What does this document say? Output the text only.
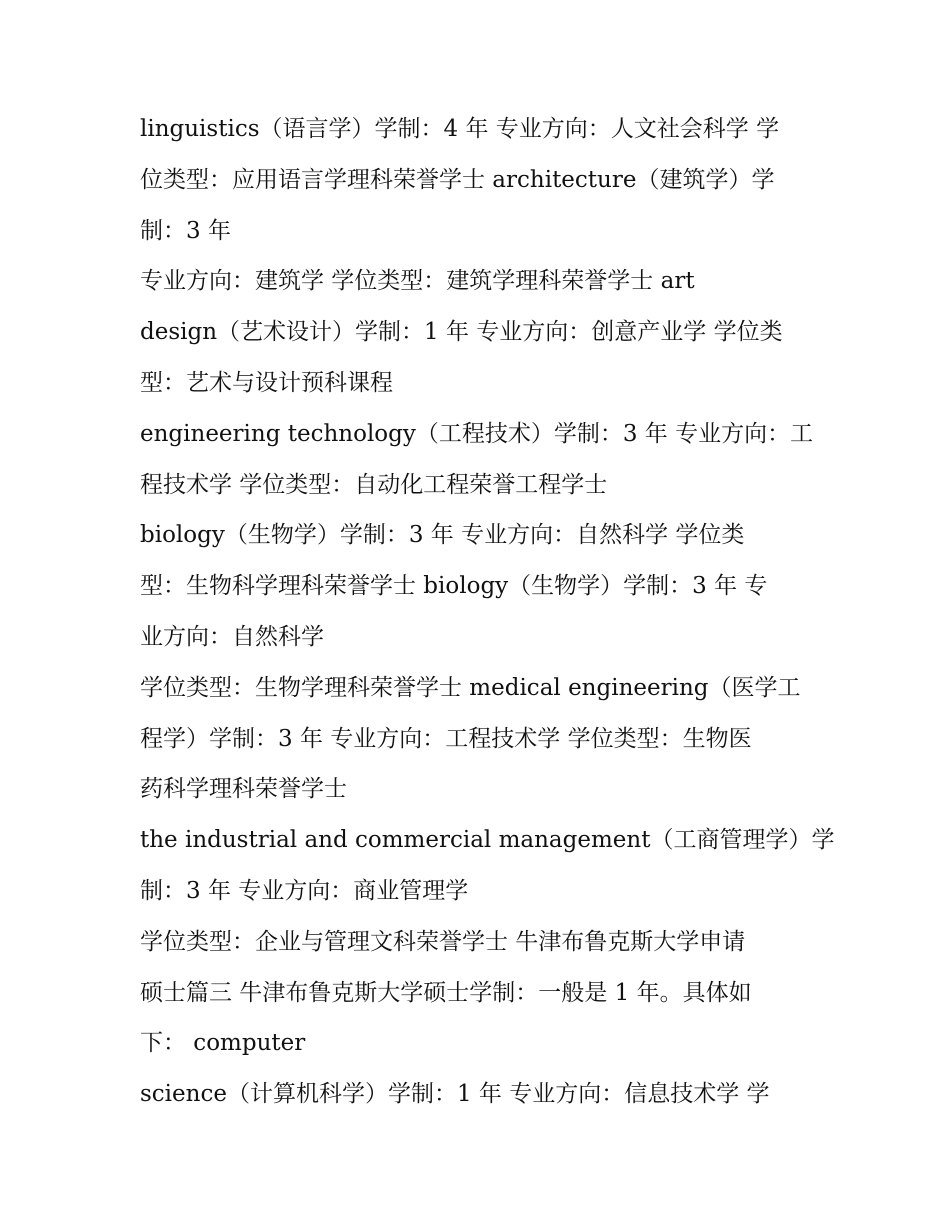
linguistics（语言学）学制：4 年 专业方向：人文社会科学 学
位类型：应用语言学理科荣誉学士 architecture（建筑学）学
制：3 年
专业方向：建筑学 学位类型：建筑学理科荣誉学士 art
design（艺术设计）学制：1 年 专业方向：创意产业学 学位类
型：艺术与设计预科课程
engineering technology（工程技术）学制：3 年 专业方向：工
程技术学 学位类型：自动化工程荣誉工程学士
biology（生物学）学制：3 年 专业方向：自然科学 学位类
型：生物科学理科荣誉学士 biology（生物学）学制：3 年 专
业方向：自然科学
学位类型：生物学理科荣誉学士 medical engineering（医学工
程学）学制：3 年 专业方向：工程技术学 学位类型：生物医
药科学理科荣誉学士
the industrial and commercial management（工商管理学）学
制：3 年 专业方向：商业管理学
学位类型：企业与管理文科荣誉学士 牛津布鲁克斯大学申请
硕士篇三 牛津布鲁克斯大学硕士学制：一般是 1 年。具体如
下： computer
science（计算机科学）学制：1 年 专业方向：信息技术学 学
